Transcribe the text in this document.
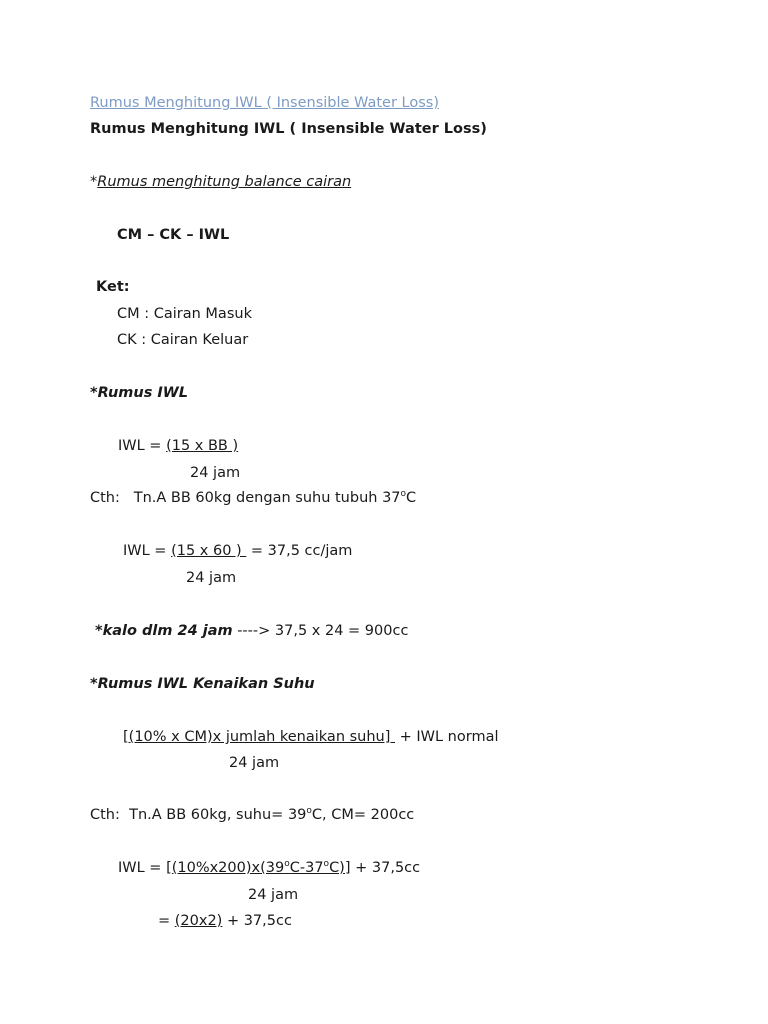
Rumus Menghitung IWL ( Insensible Water Loss)
Rumus Menghitung IWL ( Insensible Water Loss)
*Rumus menghitung balance cairan
CM – CK – IWL
Ket:
CM : Cairan Masuk
CK : Cairan Keluar
*Rumus IWL
IWL = (15 x BB )
24 jam
Cth:   Tn.A BB 60kg dengan suhu tubuh 37$^o$C
IWL = (15 x 60 )  = 37,5 cc/jam
24 jam
*kalo dlm 24 jam ----> 37,5 x 24 = 900cc
*Rumus IWL Kenaikan Suhu
[(10% x CM)x jumlah kenaikan suhu]  + IWL normal
24 jam
Cth:  Tn.A BB 60kg, suhu= $39^oC$, CM= 200cc
IWL = $[(10\%x200)x(39^oC-37^oC)] + 37,5cc$
24 jam
= (20x2) + 37,5cc
